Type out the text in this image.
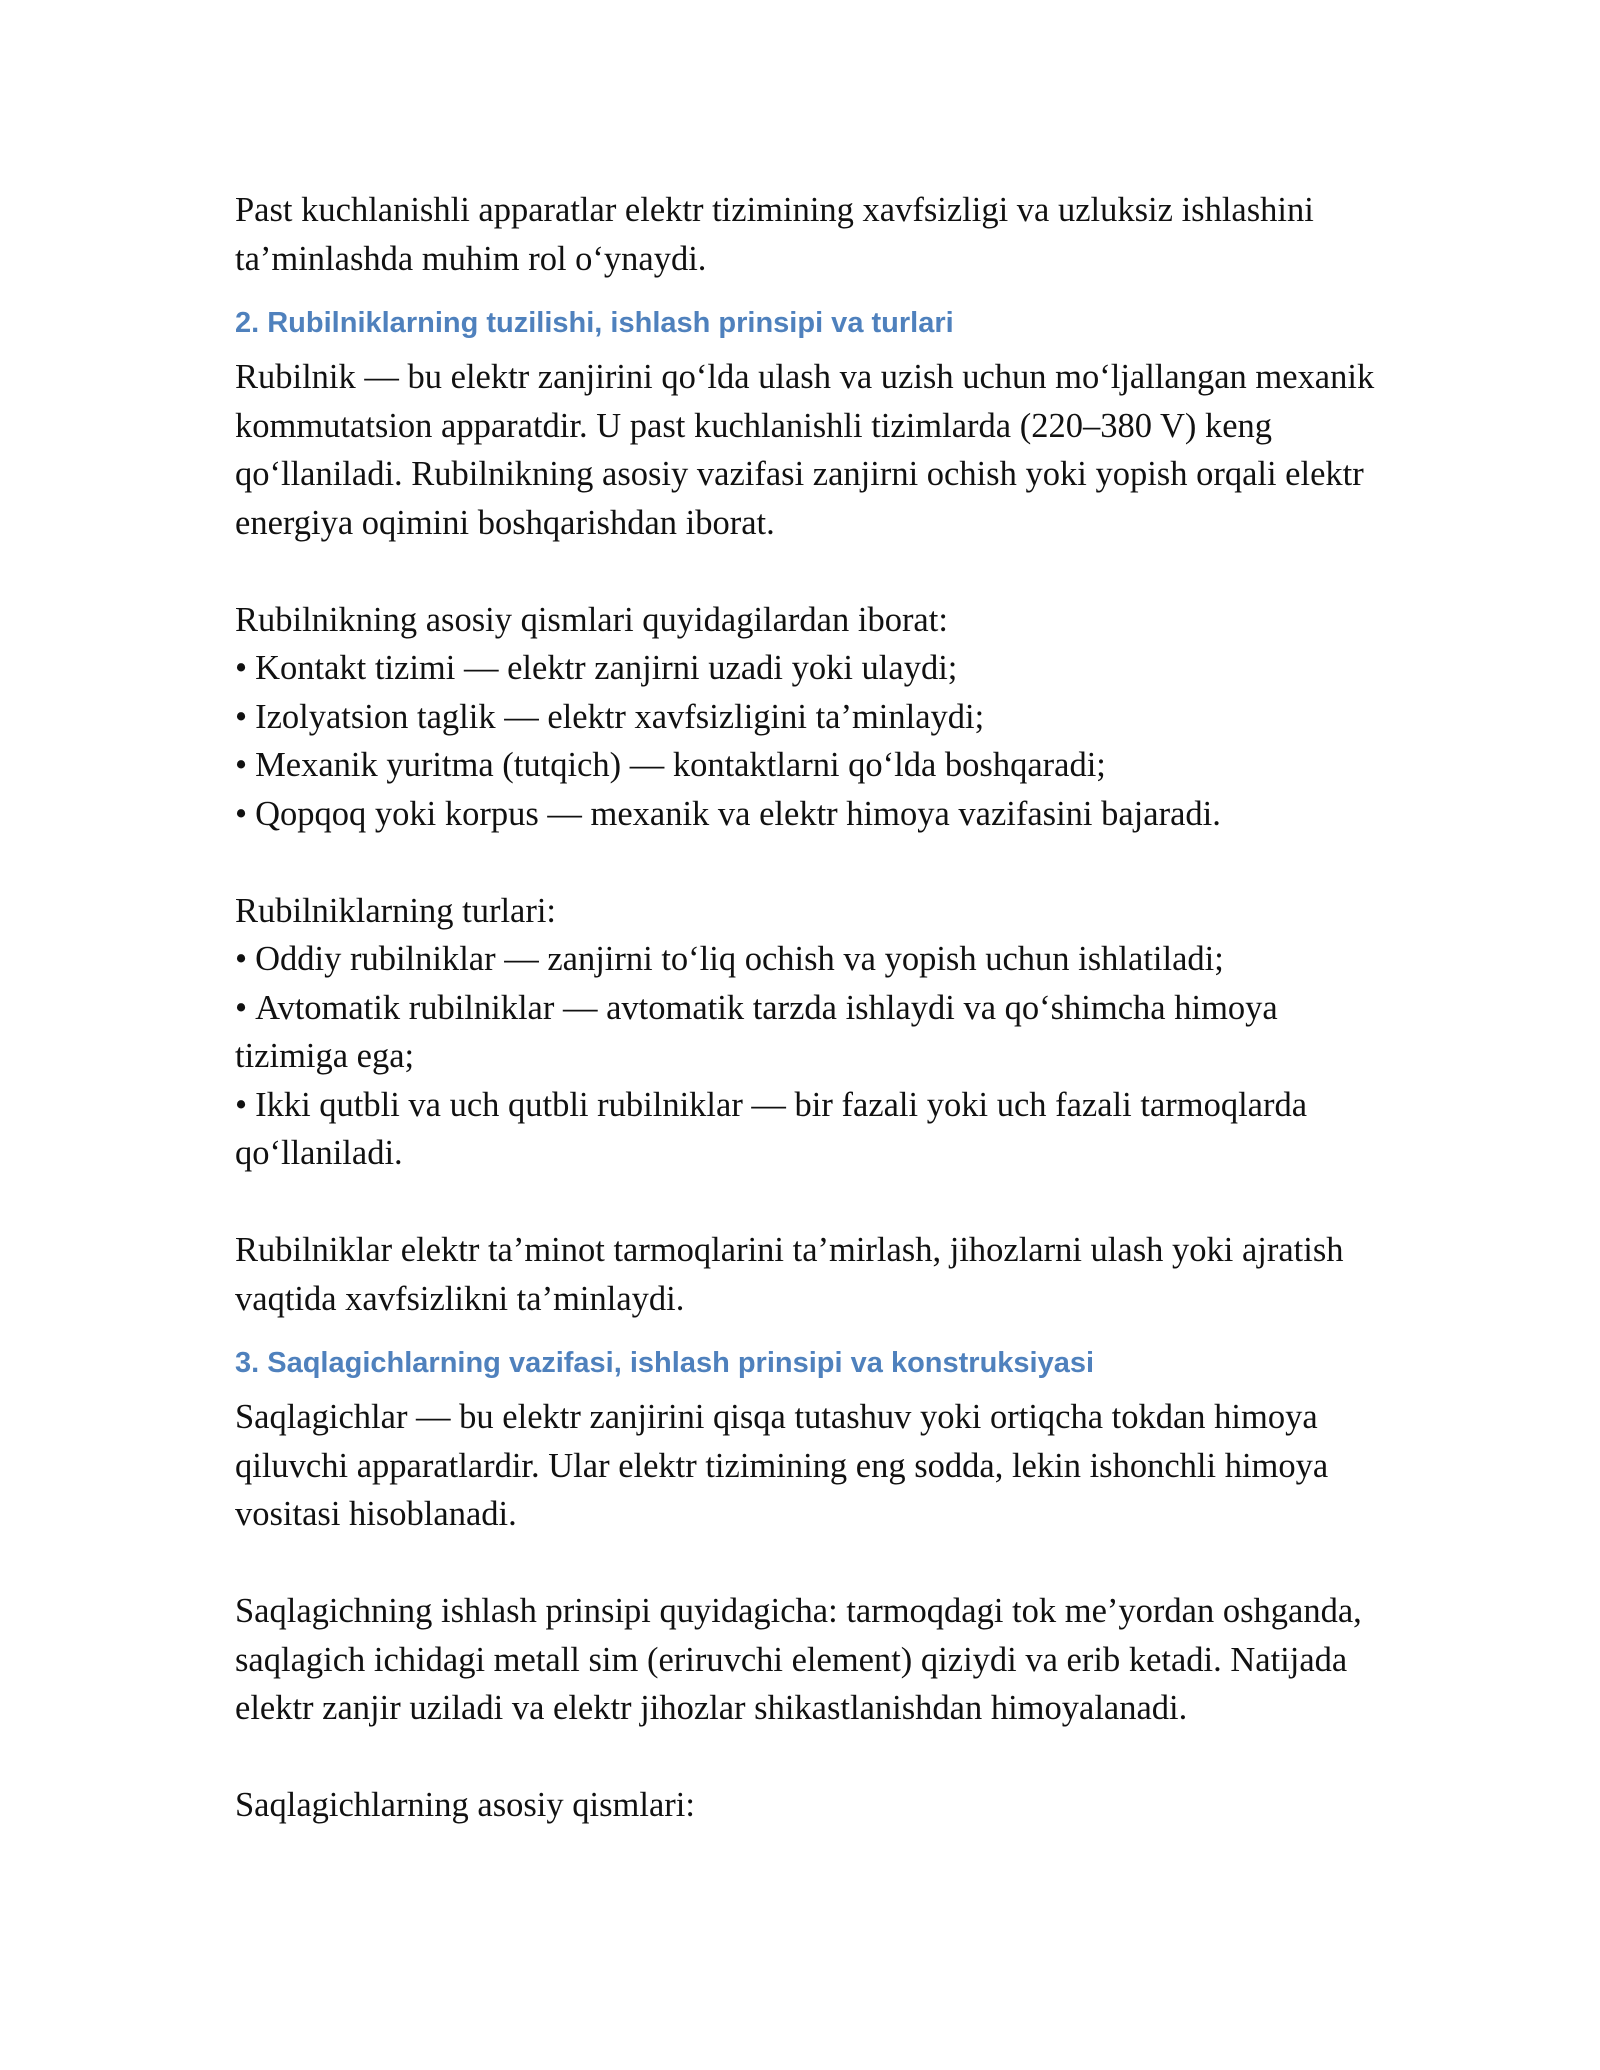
Past kuchlanishli apparatlar elektr tizimining xavfsizligi va uzluksiz ishlashini ta’minlashda muhim rol o‘ynaydi.

2. Rubilniklarning tuzilishi, ishlash prinsipi va turlari

Rubilnik — bu elektr zanjirini qo‘lda ulash va uzish uchun mo‘ljallangan mexanik kommutatsion apparatdir. U past kuchlanishli tizimlarda (220–380 V) keng qo‘llaniladi. Rubilnikning asosiy vazifasi zanjirni ochish yoki yopish orqali elektr energiya oqimini boshqarishdan iborat.

Rubilnikning asosiy qismlari quyidagilardan iborat:

• Kontakt tizimi — elektr zanjirni uzadi yoki ulaydi;

• Izolyatsion taglik — elektr xavfsizligini ta’minlaydi;

• Mexanik yuritma (tutqich) — kontaktlarni qo‘lda boshqaradi;

• Qopqoq yoki korpus — mexanik va elektr himoya vazifasini bajaradi.

Rubilniklarning turlari:

• Oddiy rubilniklar — zanjirni to‘liq ochish va yopish uchun ishlatiladi;

• Avtomatik rubilniklar — avtomatik tarzda ishlaydi va qo‘shimcha himoya tizimiga ega;

• Ikki qutbli va uch qutbli rubilniklar — bir fazali yoki uch fazali tarmoqlarda qo‘llaniladi.

Rubilniklar elektr ta’minot tarmoqlarini ta’mirlash, jihozlarni ulash yoki ajratish vaqtida xavfsizlikni ta’minlaydi.

3. Saqlagichlarning vazifasi, ishlash prinsipi va konstruksiyasi

Saqlagichlar — bu elektr zanjirini qisqa tutashuv yoki ortiqcha tokdan himoya qiluvchi apparatlardir. Ular elektr tizimining eng sodda, lekin ishonchli himoya vositasi hisoblanadi.

Saqlagichning ishlash prinsipi quyidagicha: tarmoqdagi tok me’yordan oshganda, saqlagich ichidagi metall sim (eriruvchi element) qiziydi va erib ketadi. Natijada elektr zanjir uziladi va elektr jihozlar shikastlanishdan himoyalanadi.

Saqlagichlarning asosiy qismlari:
